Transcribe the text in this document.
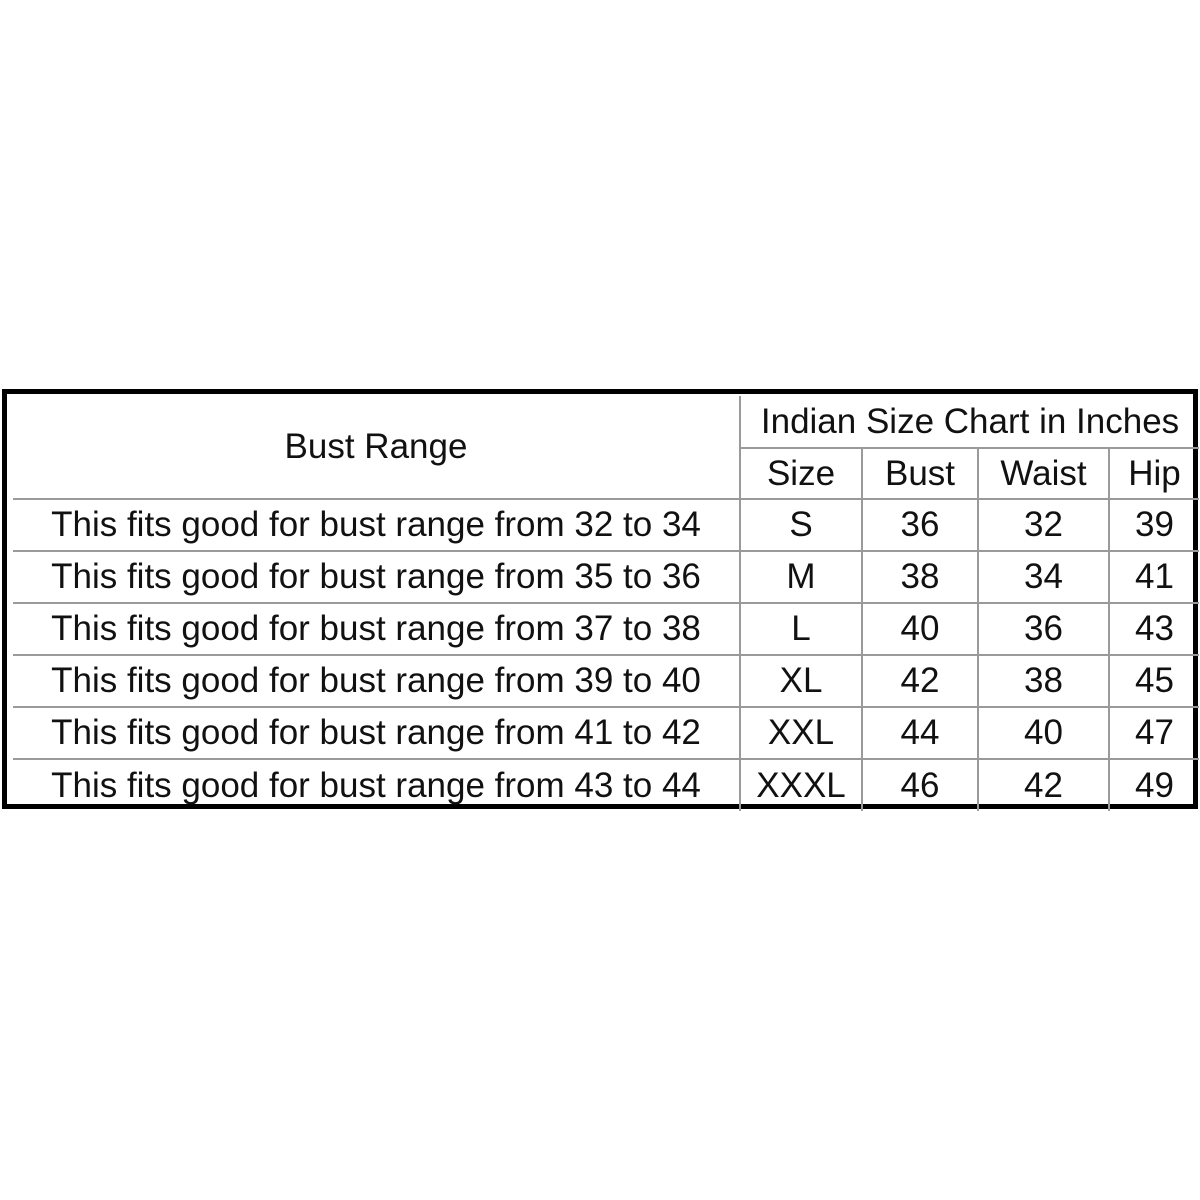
Bust Range	Indian Size Chart in Inches			
	Size	Bust	Waist	Hip
This fits good for bust range from 32 to 34	S	36	32	39
This fits good for bust range from 35 to 36	M	38	34	41
This fits good for bust range from 37 to 38	L	40	36	43
This fits good for bust range from 39 to 40	XL	42	38	45
This fits good for bust range from 41 to 42	XXL	44	40	47
This fits good for bust range from 43 to 44	XXXL	46	42	49
